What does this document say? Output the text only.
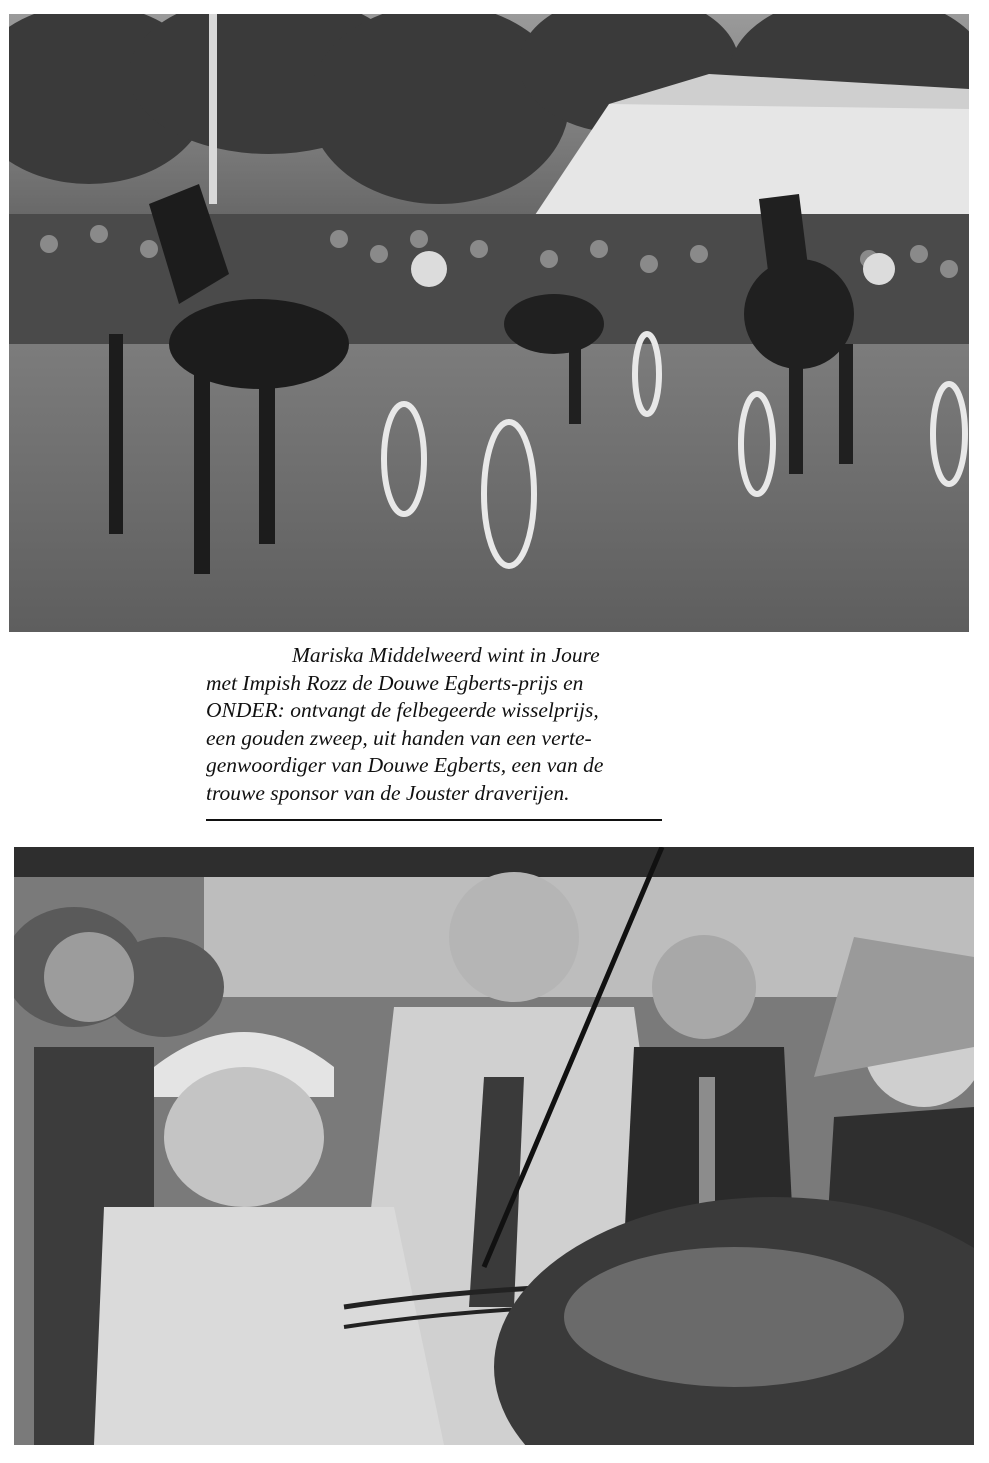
Mariska Middelweerd wint in Joure
met Impish Rozz de Douwe Egberts-prijs en
ONDER: ontvangt de felbegeerde wisselprijs,
een gouden zweep, uit handen van een verte-
genwoordiger van Douwe Egberts, een van de
trouwe sponsor van de Jouster draverijen.
